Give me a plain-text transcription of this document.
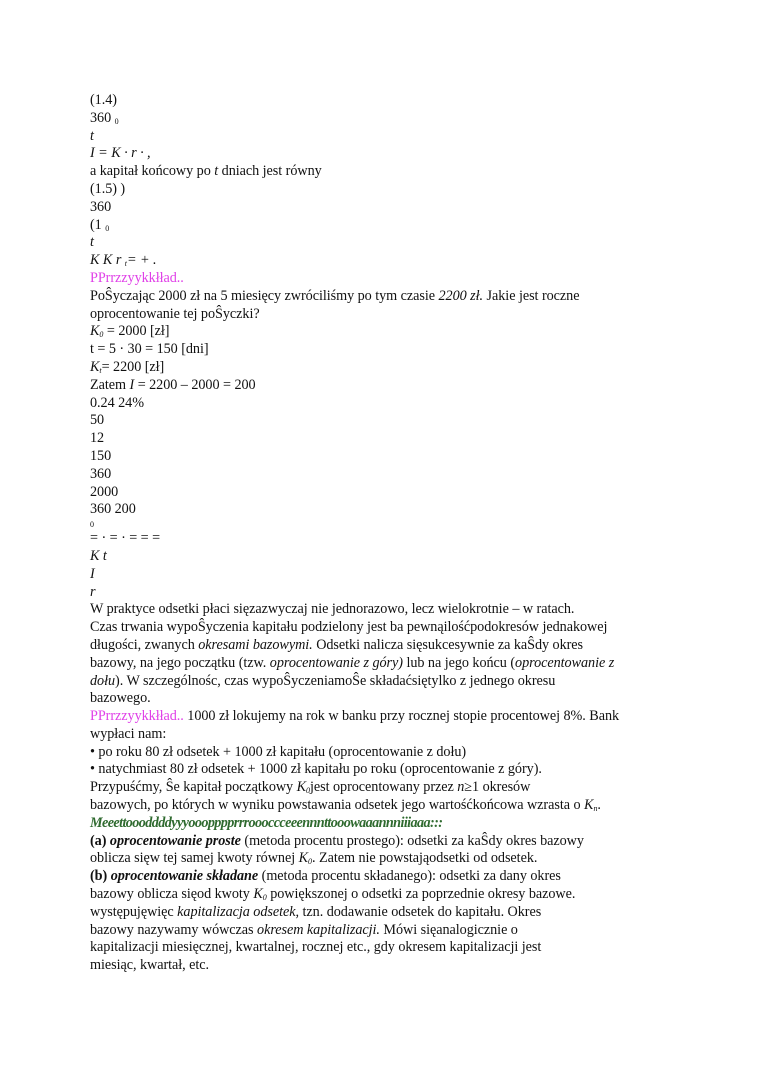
(1.4)
360 $_0$
t
I = K · r · ,
a kapitał końcowy po t dniach jest równy
(1.5) )
360
(1 $_0$
t
K K r $_t$= + .
PPrrzzyykkłład..
PoŜyczając 2000 zł na 5 miesięcy zwróciliśmy po tym czasie 2200 zł. Jakie jest roczne
oprocentowanie tej poŜyczki?
$K_0 = 2000$ [zł]
t = 5 · 30 = 150 [dni]
$K_t= 2200$ [zł]
Zatem I = 2200 – 2000 = 200
0.24 24%
50
12
150
360
2000
360 200
0
= · = · = = =
K t
I
r
W praktyce odsetki płaci sięzazwyczaj nie jednorazowo, lecz wielokrotnie – w ratach.
Czas trwania wypoŜyczenia kapitału podzielony jest ba pewnąilośćpodokresów jednakowej
długości, zwanych okresami bazowymi. Odsetki nalicza sięsukcesywnie za kaŜdy okres
bazowy, na jego początku (tzw. oprocentowanie z góry) lub na jego końcu (oprocentowanie z
dołu). W szczególnośc, czas wypoŜyczeniamoŜe składaćsiętylko z jednego okresu
bazowego.
PPrrzzyykkłład.. 1000 zł lokujemy na rok w banku przy rocznej stopie procentowej 8%. Bank
wypłaci nam:
• po roku 80 zł odsetek + 1000 zł kapitału (oprocentowanie z dołu)
• natychmiast 80 zł odsetek + 1000 zł kapitału po roku (oprocentowanie z góry).
Przypuśćmy, Ŝe kapitał początkowy $K_0jest$ oprocentowany przez n≥1 okresów
bazowych, po których w wyniku powstawania odsetek jego wartośćkońcowa wzrasta o $K_n$.
Meeettoooddddyyyooopppprrroooccceeennnttooowaaannniiiaaa:::
(a) oprocentowanie proste (metoda procentu prostego): odsetki za kaŜdy okres bazowy
oblicza sięw tej samej kwoty równej $K_0$. Zatem nie powstająodsetki od odsetek.
(b) oprocentowanie składane (metoda procentu składanego): odsetki za dany okres
bazowy oblicza sięod kwoty $K_0$ powiększonej o odsetki za poprzednie okresy bazowe.
występujęwięc kapitalizacja odsetek, tzn. dodawanie odsetek do kapitału. Okres
bazowy nazywamy wówczas okresem kapitalizacji. Mówi sięanalogicznie o
kapitalizacji miesięcznej, kwartalnej, rocznej etc., gdy okresem kapitalizacji jest
miesiąc, kwartał, etc.
